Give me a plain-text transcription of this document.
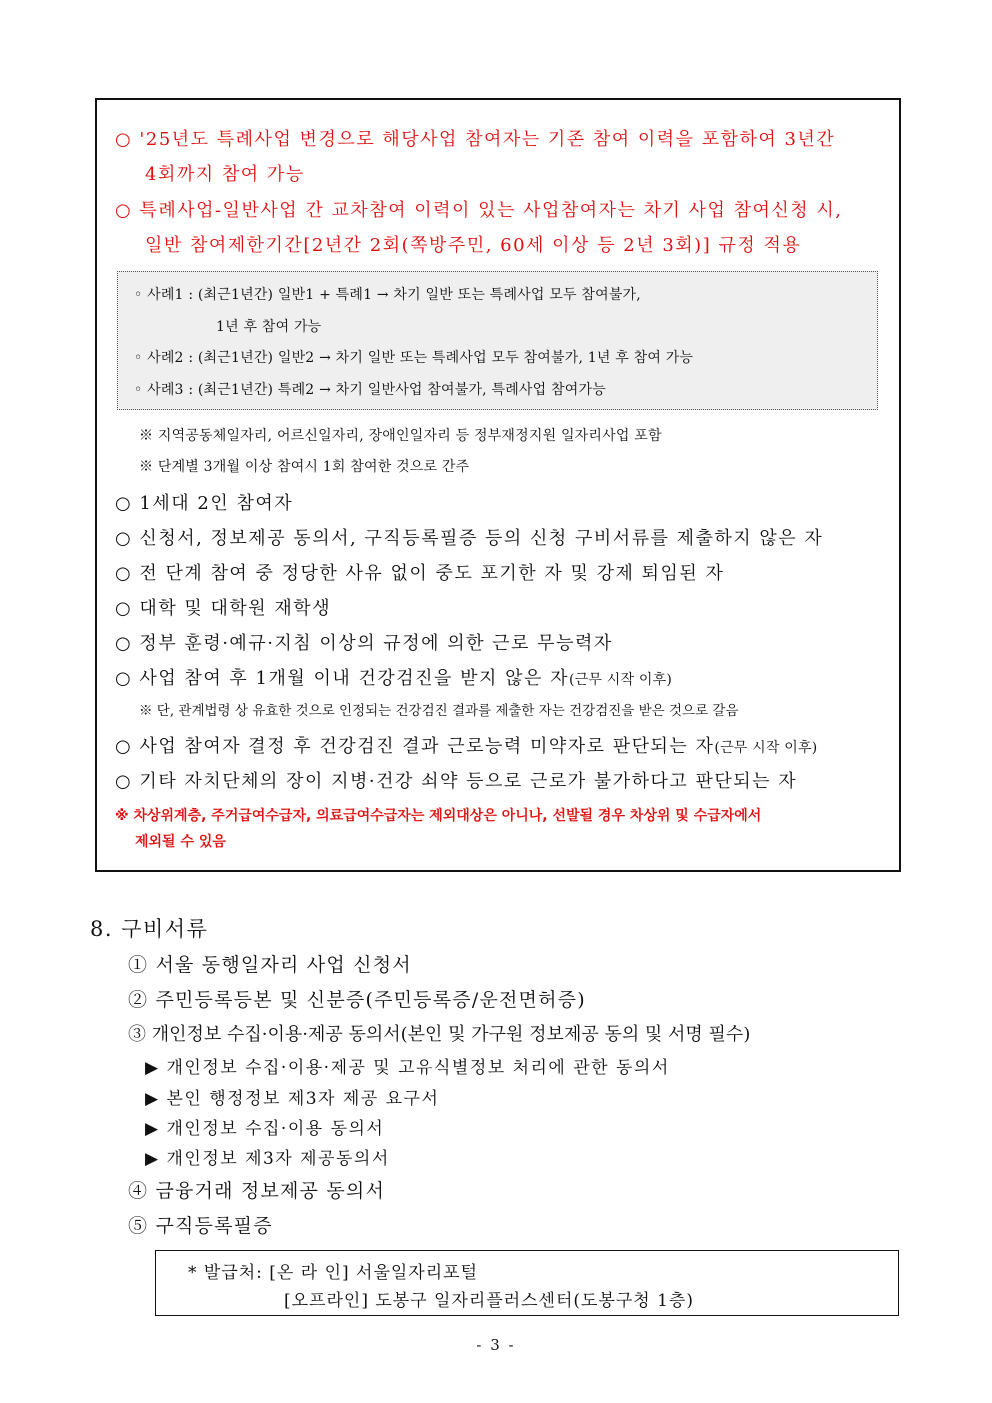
○ '25년도 특례사업 변경으로 해당사업 참여자는 기존 참여 이력을 포함하여 3년간
4회까지 참여 가능
○ 특례사업-일반사업 간 교차참여 이력이 있는 사업참여자는 차기 사업 참여신청 시,
일반 참여제한기간[2년간 2회(쪽방주민, 60세 이상 등 2년 3회)] 규정 적용
◦ 사례1 : (최근1년간) 일반1 + 특례1 → 차기 일반 또는 특례사업 모두 참여불가,
1년 후 참여 가능
◦ 사례2 : (최근1년간) 일반2 → 차기 일반 또는 특례사업 모두 참여불가, 1년 후 참여 가능
◦ 사례3 : (최근1년간) 특례2 → 차기 일반사업 참여불가, 특례사업 참여가능
※ 지역공동체일자리, 어르신일자리, 장애인일자리 등 정부재정지원 일자리사업 포함
※ 단계별 3개월 이상 참여시 1회 참여한 것으로 간주
○ 1세대 2인 참여자
○ 신청서, 정보제공 동의서, 구직등록필증 등의 신청 구비서류를 제출하지 않은 자
○ 전 단계 참여 중 정당한 사유 없이 중도 포기한 자 및 강제 퇴임된 자
○ 대학 및 대학원 재학생
○ 정부 훈령·예규·지침 이상의 규정에 의한 근로 무능력자
○ 사업 참여 후 1개월 이내 건강검진을 받지 않은 자(근무 시작 이후)
※ 단, 관계법령 상 유효한 것으로 인정되는 건강검진 결과를 제출한 자는 건강검진을 받은 것으로 갈음
○ 사업 참여자 결정 후 건강검진 결과 근로능력 미약자로 판단되는 자(근무 시작 이후)
○ 기타 자치단체의 장이 지병·건강 쇠약 등으로 근로가 불가하다고 판단되는 자
※ 차상위계층, 주거급여수급자, 의료급여수급자는 제외대상은 아니나, 선발될 경우 차상위 및 수급자에서
제외될 수 있음
8. 구비서류
① 서울 동행일자리 사업 신청서
② 주민등록등본 및 신분증(주민등록증/운전면허증)
③ 개인정보 수집·이용·제공 동의서(본인 및 가구원 정보제공 동의 및 서명 필수)
▶ 개인정보 수집·이용·제공 및 고유식별정보 처리에 관한 동의서
▶ 본인 행정정보 제3자 제공 요구서
▶ 개인정보 수집·이용 동의서
▶ 개인정보 제3자 제공동의서
④ 금융거래 정보제공 동의서
⑤ 구직등록필증
* 발급처: [온 라 인] 서울일자리포털
[오프라인] 도봉구 일자리플러스센터(도봉구청 1층)
- 3 -
